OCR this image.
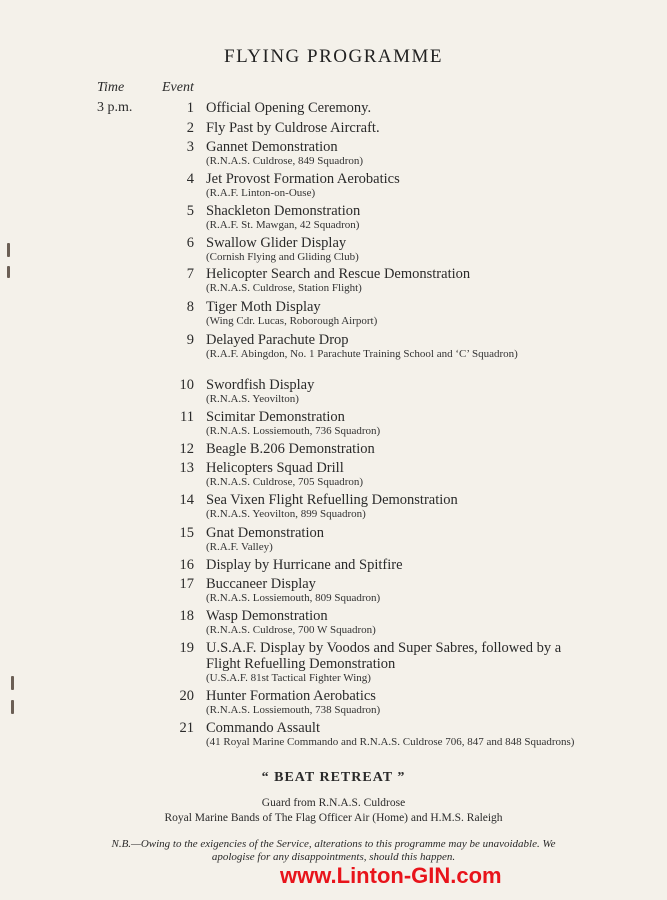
FLYING PROGRAMME
Time	Event
3 p.m.	1 Official Opening Ceremony.
2 Fly Past by Culdrose Aircraft.
3 Gannet Demonstration
(R.N.A.S. Culdrose, 849 Squadron)
4 Jet Provost Formation Aerobatics
(R.A.F. Linton-on-Ouse)
5 Shackleton Demonstration
(R.A.F. St. Mawgan, 42 Squadron)
6 Swallow Glider Display
(Cornish Flying and Gliding Club)
7 Helicopter Search and Rescue Demonstration
(R.N.A.S. Culdrose, Station Flight)
8 Tiger Moth Display
(Wing Cdr. Lucas, Roborough Airport)
9 Delayed Parachute Drop
(R.A.F. Abingdon, No. 1 Parachute Training School and ‘C’ Squadron)
10 Swordfish Display
(R.N.A.S. Yeovilton)
11 Scimitar Demonstration
(R.N.A.S. Lossiemouth, 736 Squadron)
12 Beagle B.206 Demonstration
13 Helicopters Squad Drill
(R.N.A.S. Culdrose, 705 Squadron)
14 Sea Vixen Flight Refuelling Demonstration
(R.N.A.S. Yeovilton, 899 Squadron)
15 Gnat Demonstration
(R.A.F. Valley)
16 Display by Hurricane and Spitfire
17 Buccaneer Display
(R.N.A.S. Lossiemouth, 809 Squadron)
18 Wasp Demonstration
(R.N.A.S. Culdrose, 700 W Squadron)
19 U.S.A.F. Display by Voodos and Super Sabres, followed by a Flight Refuelling Demonstration
(U.S.A.F. 81st Tactical Fighter Wing)
20 Hunter Formation Aerobatics
(R.N.A.S. Lossiemouth, 738 Squadron)
21 Commando Assault
(41 Royal Marine Commando and R.N.A.S. Culdrose 706, 847 and 848 Squadrons)
“ BEAT RETREAT ”
Guard from R.N.A.S. Culdrose
Royal Marine Bands of The Flag Officer Air (Home) and H.M.S. Raleigh
N.B.—Owing to the exigencies of the Service, alterations to this programme may be unavoidable. We apologise for any disappointments, should this happen.
www.Linton-GIN.com
